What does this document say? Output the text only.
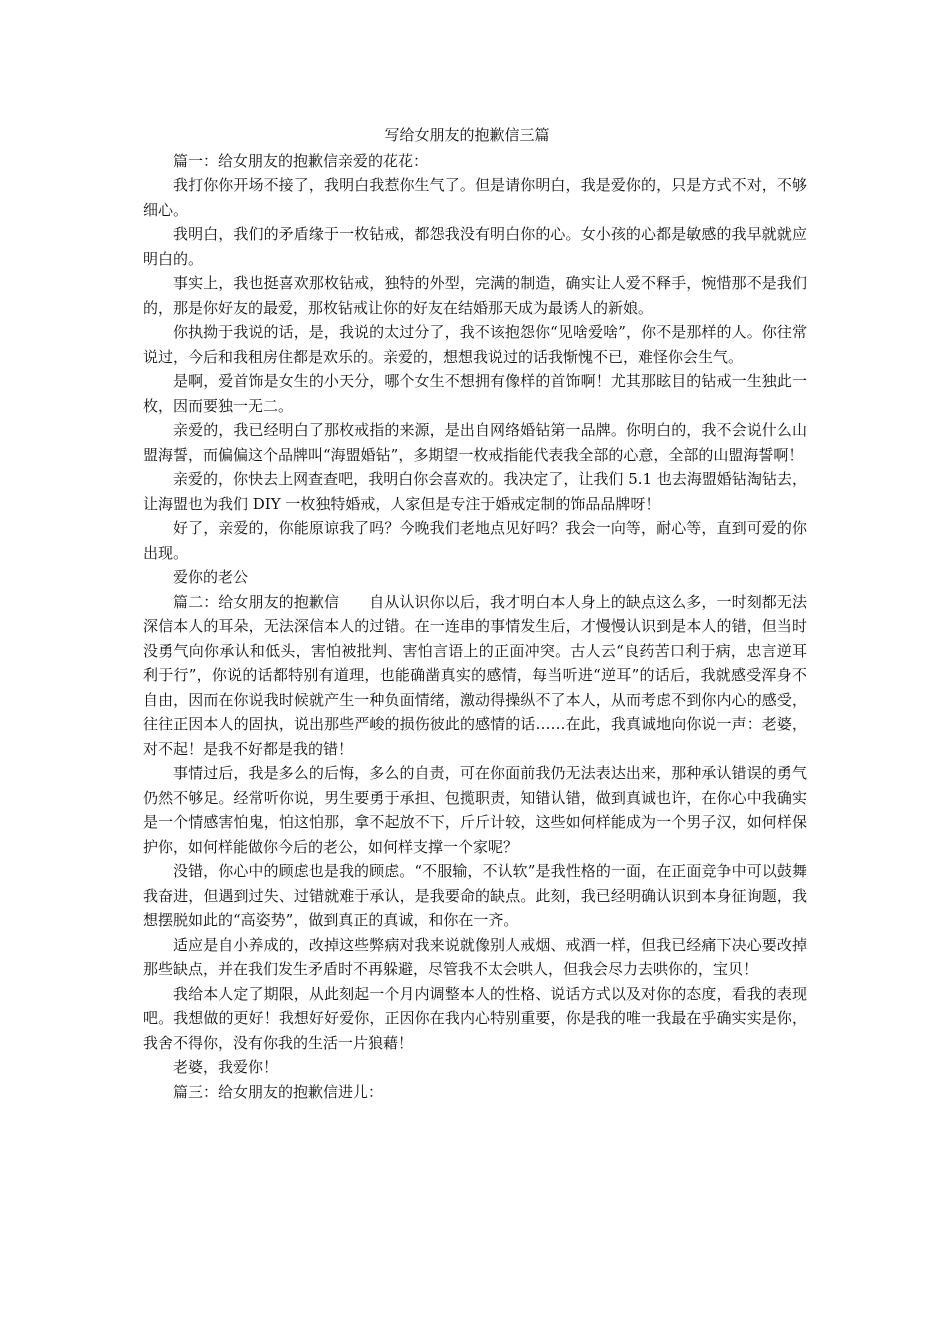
写给女朋友的抱歉信三篇

篇一：给女朋友的抱歉信亲爱的花花：

我打你你开场不接了，我明白我惹你生气了。但是请你明白，我是爱你的，只是方式不对，不够细心。

我明白，我们的矛盾缘于一枚钻戒，都怨我没有明白你的心。女小孩的心都是敏感的我早就就应明白的。

事实上，我也挺喜欢那枚钻戒，独特的外型，完满的制造，确实让人爱不释手，惋惜那不是我们的，那是你好友的最爱，那枚钻戒让你的好友在结婚那天成为最诱人的新娘。

你执拗于我说的话，是，我说的太过分了，我不该抱怨你“见啥爱啥”，你不是那样的人。你往常说过，今后和我租房住都是欢乐的。亲爱的，想想我说过的话我惭愧不已，难怪你会生气。

是啊，爱首饰是女生的小天分，哪个女生不想拥有像样的首饰啊！尤其那眩目的钻戒一生独此一枚，因而要独一无二。

亲爱的，我已经明白了那枚戒指的来源，是出自网络婚钻第一品牌。你明白的，我不会说什么山盟海誓，而偏偏这个品牌叫“海盟婚钻”，多期望一枚戒指能代表我全部的心意，全部的山盟海誓啊！

亲爱的，你快去上网查查吧，我明白你会喜欢的。我决定了，让我们 5.1 也去海盟婚钻淘钻去，让海盟也为我们 DIY 一枚独特婚戒，人家但是专注于婚戒定制的饰品品牌呀！

好了，亲爱的，你能原谅我了吗？今晚我们老地点见好吗？我会一向等，耐心等，直到可爱的你出现。

爱你的老公

篇二：给女朋友的抱歉信　　自从认识你以后，我才明白本人身上的缺点这么多，一时刻都无法深信本人的耳朵，无法深信本人的过错。在一连串的事情发生后，才慢慢认识到是本人的错，但当时没勇气向你承认和低头，害怕被批判、害怕言语上的正面冲突。古人云“良药苦口利于病，忠言逆耳利于行”，你说的话都特别有道理，也能确凿真实的感情，每当听进“逆耳”的话后，我就感受浑身不自由，因而在你说我时候就产生一种负面情绪，激动得操纵不了本人，从而考虑不到你内心的感受，往往正因本人的固执，说出那些严峻的损伤彼此的感情的话……在此，我真诚地向你说一声：老婆，对不起！是我不好都是我的错！

事情过后，我是多么的后悔，多么的自责，可在你面前我仍无法表达出来，那种承认错误的勇气仍然不够足。经常听你说，男生要勇于承担、包揽职责，知错认错，做到真诚也许，在你心中我确实是一个情感害怕鬼，怕这怕那，拿不起放不下，斤斤计较，这些如何样能成为一个男子汉，如何样保护你，如何样能做你今后的老公，如何样支撑一个家呢？

没错，你心中的顾虑也是我的顾虑。“不服输，不认软”是我性格的一面，在正面竞争中可以鼓舞我奋进，但遇到过失、过错就难于承认，是我要命的缺点。此刻，我已经明确认识到本身征询题，我想摆脱如此的“高姿势”，做到真正的真诚，和你在一齐。

适应是自小养成的，改掉这些弊病对我来说就像别人戒烟、戒酒一样，但我已经痛下决心要改掉那些缺点，并在我们发生矛盾时不再躲避，尽管我不太会哄人，但我会尽力去哄你的，宝贝！

我给本人定了期限，从此刻起一个月内调整本人的性格、说话方式以及对你的态度，看我的表现吧。我想做的更好！我想好好爱你，正因你在我内心特别重要，你是我的唯一我最在乎确实实是你，我舍不得你，没有你我的生活一片狼藉！

老婆，我爱你！

篇三：给女朋友的抱歉信进儿：
